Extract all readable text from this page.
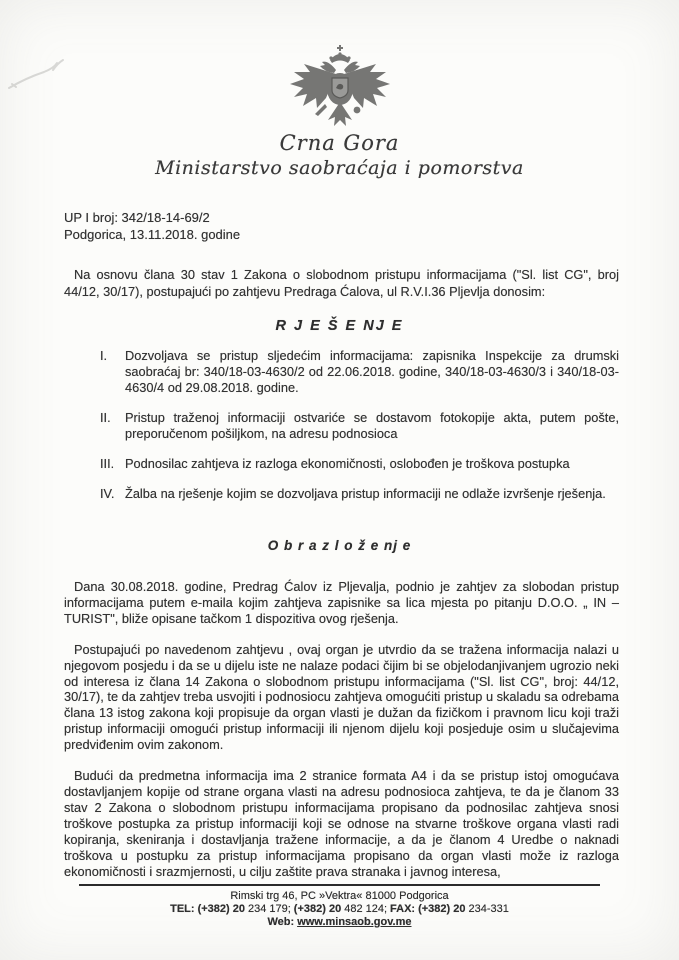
Crna Gora
Ministarstvo saobraćaja i pomorstva
UP I broj: 342/18-14-69/2
Podgorica, 13.11.2018. godine

Na osnovu člana 30 stav 1 Zakona o slobodnom pristupu informacijama ("Sl. list CG", broj 44/12, 30/17), postupajući po zahtjevu Predraga Ćalova, ul R.V.I.36 Pljevlja donosim:

R J E Š E NJ E
I.	Dozvoljava se pristup sljedećim informacijama: zapisnika Inspekcije za drumski saobraćaj br: 340/18-03-4630/2 od 22.06.2018. godine, 340/18-03-4630/3 i 340/18-03-4630/4 od 29.08.2018. godine.
II.	Pristup traženoj informaciji ostvariće se dostavom fotokopije akta, putem pošte, preporučenom pošiljkom, na adresu podnosioca
III. Podnosilac zahtjeva iz razloga ekonomičnosti, oslobođen je troškova postupka
IV. Žalba na rješenje kojim se dozvoljava pristup informaciji ne odlaže izvršenje rješenja.
O b r a z l o ž e nj e

Dana 30.08.2018. godine, Predrag Ćalov iz Pljevalja, podnio je zahtjev za slobodan pristup informacijama putem e-maila kojim zahtjeva zapisnike sa lica mjesta po pitanju D.O.O. „ IN – TURIST", bliže opisane tačkom 1 dispozitiva ovog rješenja.

Postupajući po navedenom zahtjevu , ovaj organ je utvrdio da se tražena informacija nalazi u njegovom posjedu i da se u dijelu iste ne nalaze podaci čijim bi se objelodanjivanjem ugrozio neki od interesa iz člana 14 Zakona o slobodnom pristupu informacijama ("Sl. list CG", broj: 44/12, 30/17), te da zahtjev treba usvojiti i podnosiocu zahtjeva omogućiti pristup u skaladu sa odrebama člana 13 istog zakona koji propisuje da organ vlasti je dužan da fizičkom i pravnom licu koji traži pristup informaciji omogući pristup informaciji ili njenom dijelu koji posjeduje osim u slučajevima predviđenim ovim zakonom.

Budući da predmetna informacija ima 2 stranice formata A4 i da se pristup istoj omogućava dostavljanjem kopije od strane organa vlasti na adresu podnosioca zahtjeva, te da je članom 33 stav 2 Zakona o slobodnom pristupu informacijama propisano da podnosilac zahtjeva snosi troškove postupka za pristup informaciji koji se odnose na stvarne troškove organa vlasti radi kopiranja, skeniranja i dostavljanja tražene informacije, a da je članom 4 Uredbe o naknadi troškova u postupku za pristup informacijama propisano da organ vlasti može iz razloga ekonomičnosti i srazmjernosti, u cilju zaštite prava stranaka i javnog interesa,

Rimski trg 46, PC »Vektra« 81000 Podgorica
TEL: (+382) 20 234 179; (+382) 20 482 124; FAX: (+382) 20 234-331
Web: www.minsaob.gov.me
